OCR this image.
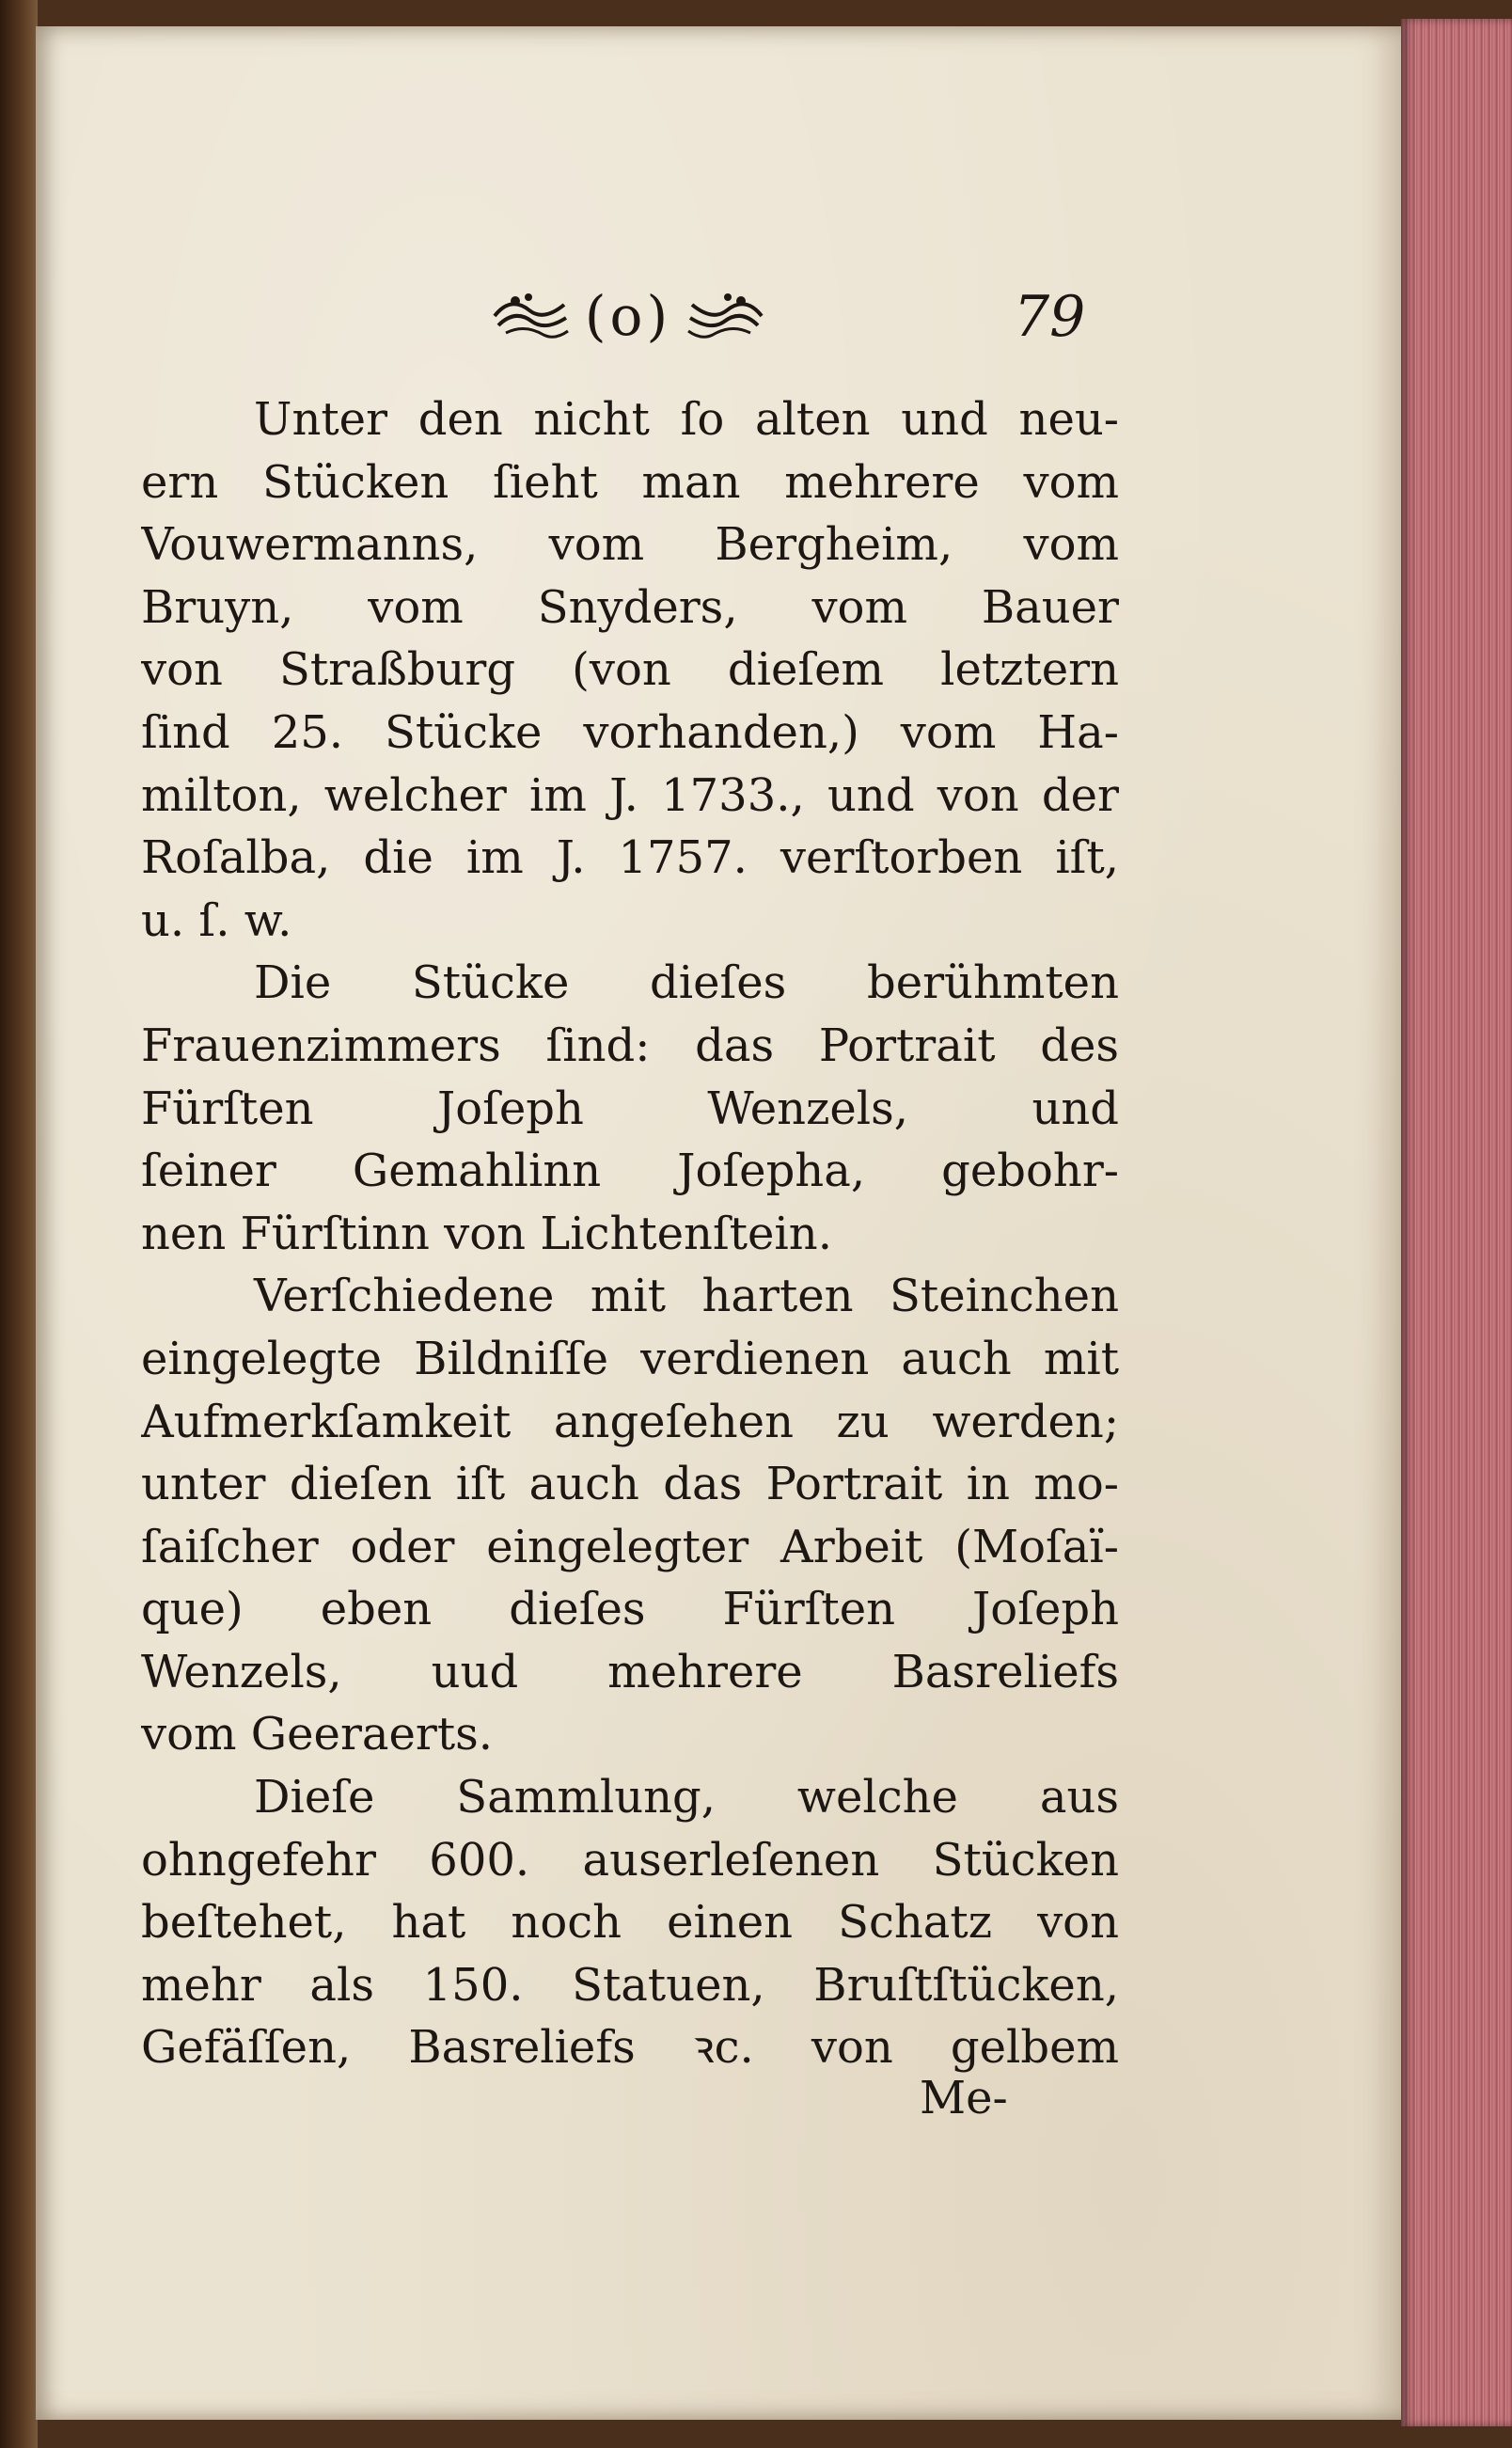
(o)	79
Unter den nicht ſo alten und neu-
ern Stücken ſieht man mehrere vom
Vouwermanns, vom Bergheim, vom
Bruyn, vom Snyders, vom Bauer
von Straßburg (von dieſem letztern
ſind 25. Stücke vorhanden,) vom Ha-
milton, welcher im J. 1733., und von der
Roſalba, die im J. 1757. verſtorben iſt,
u. ſ. w.
Die Stücke dieſes berühmten
Frauenzimmers ſind: das Portrait des
Fürſten Joſeph Wenzels, und
ſeiner Gemahlinn Joſepha, gebohr-
nen Fürſtinn von Lichtenſtein.
Verſchiedene mit harten Steinchen
eingelegte Bildniſſe verdienen auch mit
Aufmerkſamkeit angeſehen zu werden;
unter dieſen iſt auch das Portrait in mo-
ſaiſcher oder eingelegter Arbeit (Moſaï-
que) eben dieſes Fürſten Joſeph
Wenzels, uud mehrere Basreliefs
vom Geeraerts.
Dieſe Sammlung, welche aus
ohngefehr 600. auserleſenen Stücken
beſtehet, hat noch einen Schatz von
mehr als 150. Statuen, Bruſtſtücken,
Gefäſſen, Basreliefs ꝛc. von gelbem
Me-
